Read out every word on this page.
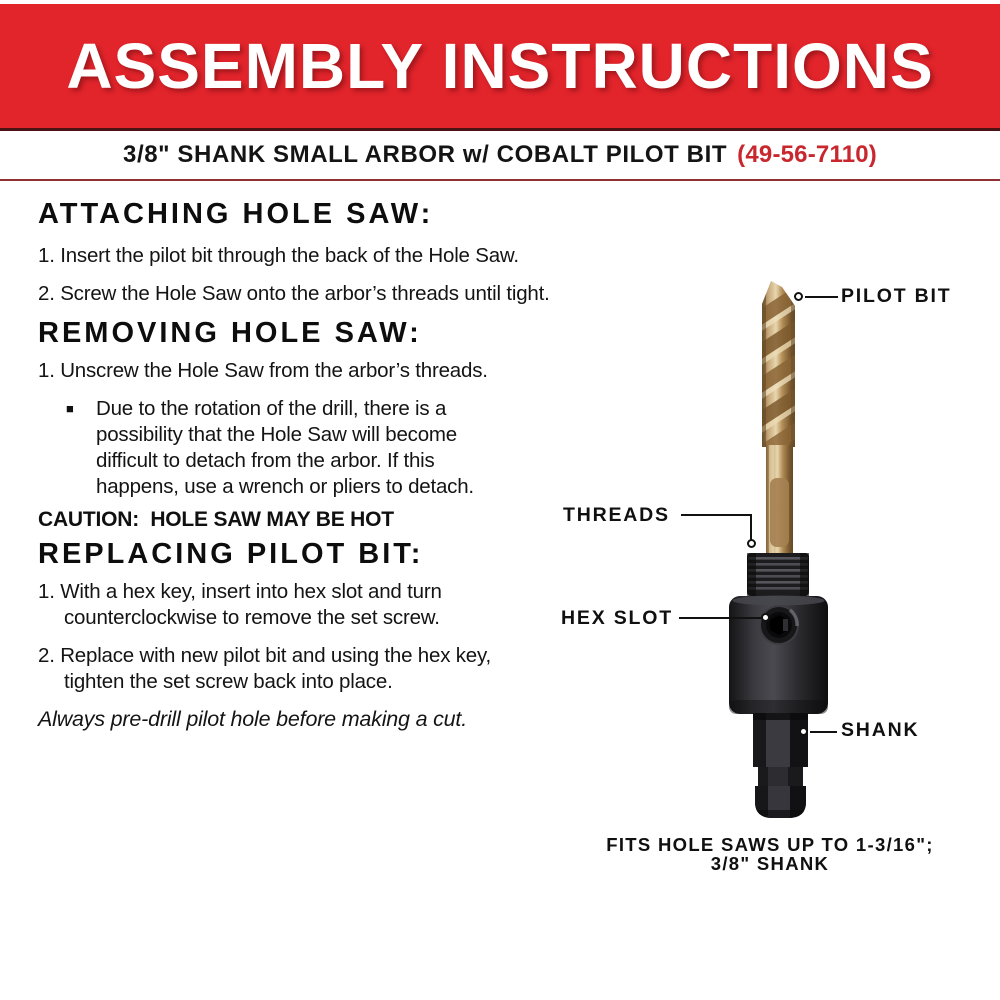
ASSEMBLY INSTRUCTIONS
3/8" SHANK SMALL ARBOR w/ COBALT PILOT BIT (49-56-7110)
ATTACHING HOLE SAW:
1. Insert the pilot bit through the back of the Hole Saw.
2. Screw the Hole Saw onto the arbor’s threads until tight.
REMOVING HOLE SAW:
1. Unscrew the Hole Saw from the arbor’s threads.
■	Due to the rotation of the drill, there is a
possibility that the Hole Saw will become
difficult to detach from the arbor. If this
happens, use a wrench or pliers to detach.
CAUTION:  HOLE SAW MAY BE HOT
REPLACING PILOT BIT:
1. With a hex key, insert into hex slot and turn
counterclockwise to remove the set screw.
2. Replace with new pilot bit and using the hex key,
tighten the set screw back into place.
Always pre-drill pilot hole before making a cut.
PILOT BIT
THREADS
HEX SLOT
SHANK
FITS HOLE SAWS UP TO 1-3/16";
3/8" SHANK
